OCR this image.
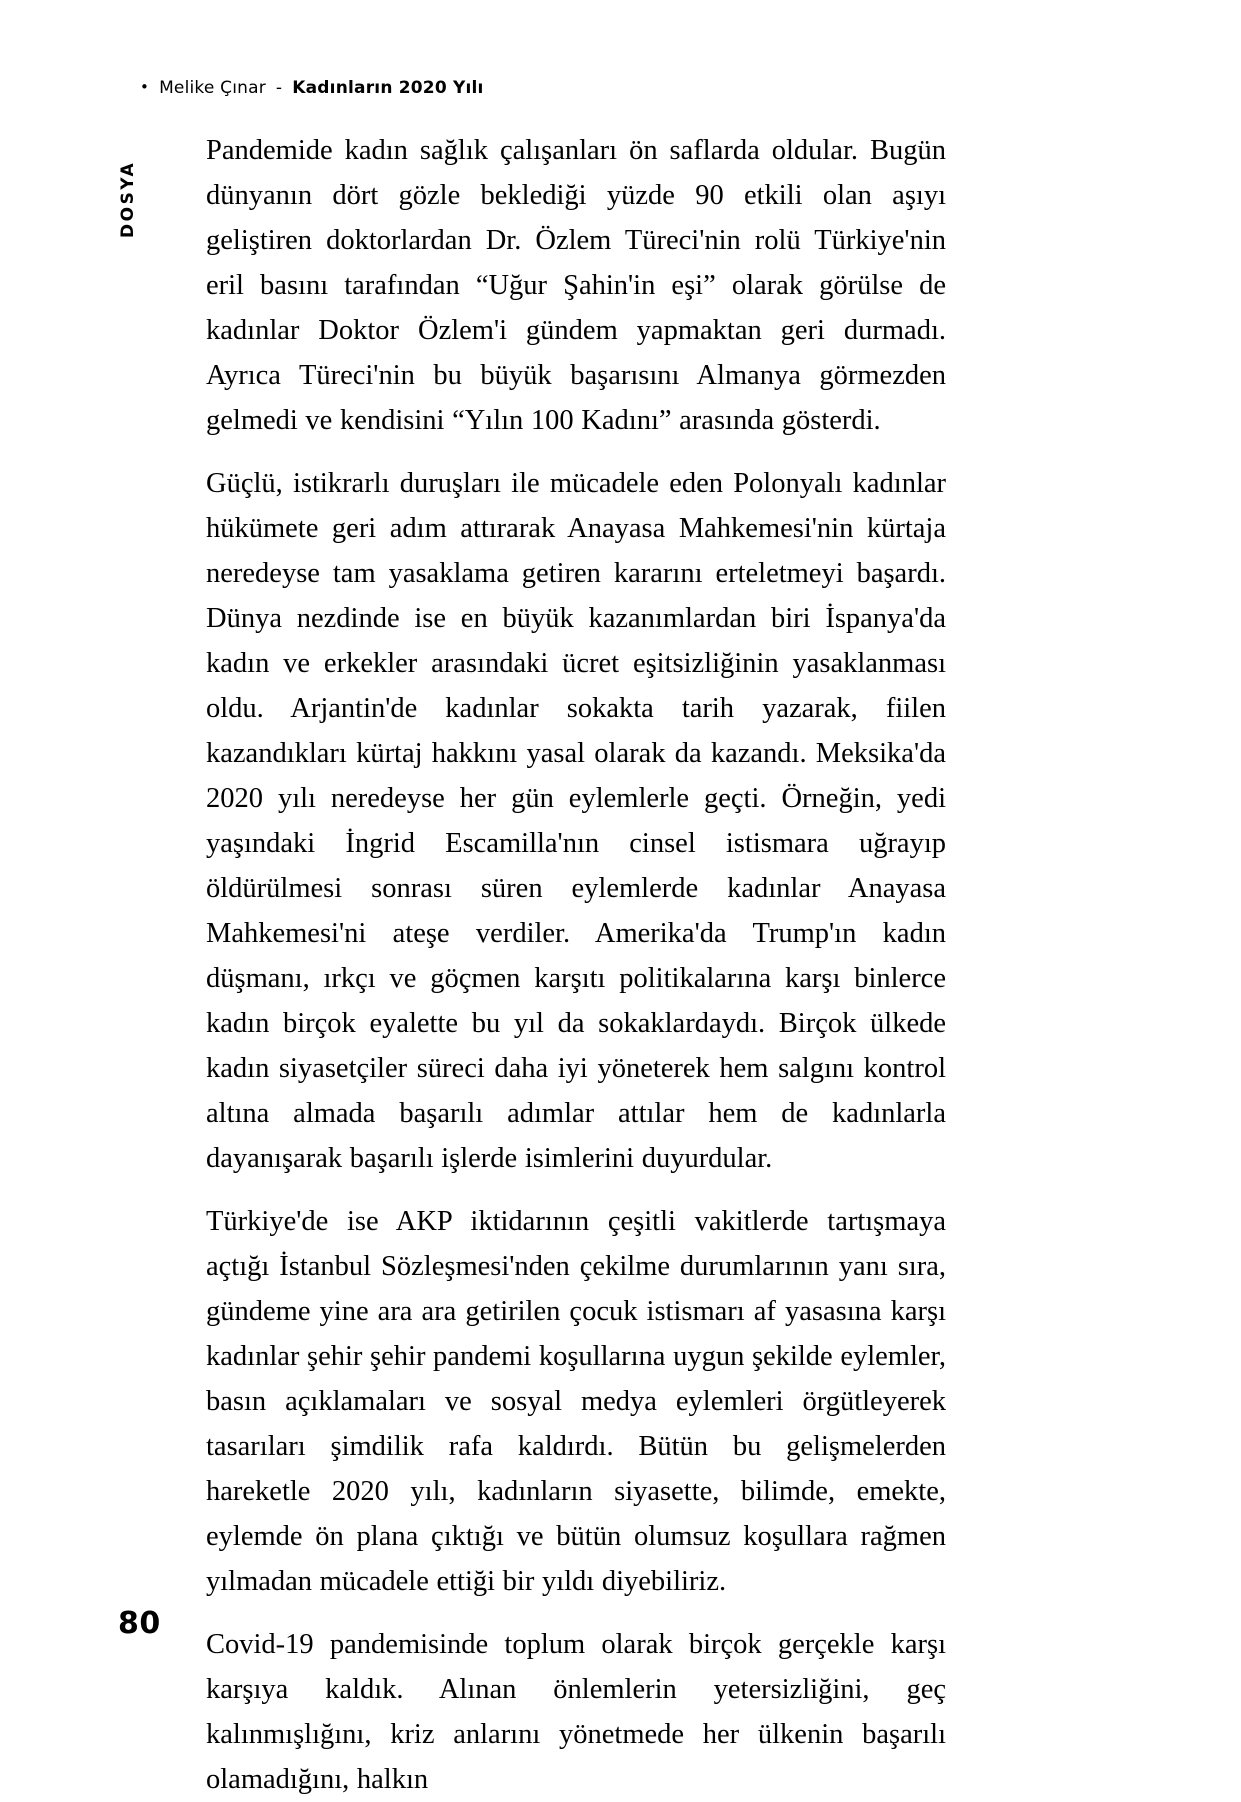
• Melike Çınar - Kadınların 2020 Yılı
DOSYA

Pandemide kadın sağlık çalışanları ön saflarda oldular. Bugün dünyanın dört gözle beklediği yüzde 90 etkili olan aşıyı geliştiren doktorlardan Dr. Özlem Türeci'nin rolü Türkiye'nin eril basını tarafından “Uğur Şahin'in eşi” olarak görülse de kadınlar Doktor Özlem'i gündem yapmaktan geri durmadı. Ayrıca Türeci'nin bu büyük başarısını Almanya görmezden gelmedi ve kendisini “Yılın 100 Kadını” arasında gösterdi.

Güçlü, istikrarlı duruşları ile mücadele eden Polonyalı kadınlar hükümete geri adım attırarak Anayasa Mahkemesi'nin kürtaja neredeyse tam yasaklama getiren kararını erteletmeyi başardı. Dünya nezdinde ise en büyük kazanımlardan biri İspanya'da kadın ve erkekler arasındaki ücret eşitsizliğinin yasaklanması oldu. Arjantin'de kadınlar sokakta tarih yazarak, fiilen kazandıkları kürtaj hakkını yasal olarak da kazandı. Meksika'da 2020 yılı neredeyse her gün eylemlerle geçti. Örneğin, yedi yaşındaki İngrid Escamilla'nın cinsel istismara uğrayıp öldürülmesi sonrası süren eylemlerde kadınlar Anayasa Mahkemesi'ni ateşe verdiler. Amerika'da Trump'ın kadın düşmanı, ırkçı ve göçmen karşıtı politikalarına karşı binlerce kadın birçok eyalette bu yıl da sokaklardaydı. Birçok ülkede kadın siyasetçiler süreci daha iyi yöneterek hem salgını kontrol altına almada başarılı adımlar attılar hem de kadınlarla dayanışarak başarılı işlerde isimlerini duyurdular.

Türkiye'de ise AKP iktidarının çeşitli vakitlerde tartışmaya açtığı İstanbul Sözleşmesi'nden çekilme durumlarının yanı sıra, gündeme yine ara ara getirilen çocuk istismarı af yasasına karşı kadınlar şehir şehir pandemi koşullarına uygun şekilde eylemler, basın açıklamaları ve sosyal medya eylemleri örgütleyerek tasarıları şimdilik rafa kaldırdı. Bütün bu gelişmelerden hareketle 2020 yılı, kadınların siyasette, bilimde, emekte, eylemde ön plana çıktığı ve bütün olumsuz koşullara rağmen yılmadan mücadele ettiği bir yıldı diyebiliriz.

Covid-19 pandemisinde toplum olarak birçok gerçekle karşı karşıya kaldık. Alınan önlemlerin yetersizliğini, geç kalınmışlığını, kriz anlarını yönetmede her ülkenin başarılı olamadığını, halkın

80
